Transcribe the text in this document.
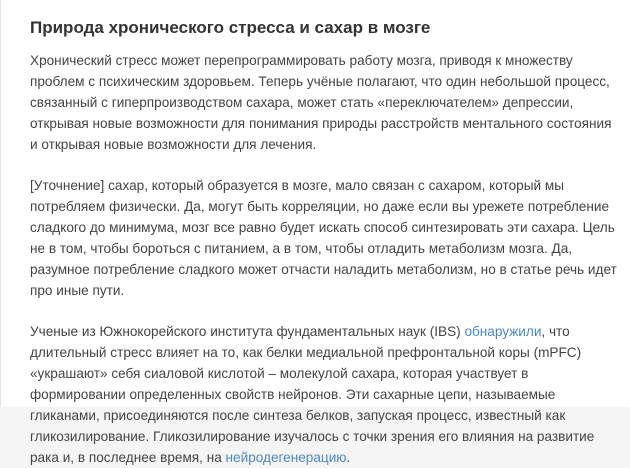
Природа хронического стресса и сахар в мозге

Хронический стресс может перепрограммировать работу мозга, приводя к множеству проблем с психическим здоровьем. Теперь учёные полагают, что один небольшой процесс, связанный с гиперпроизводством сахара, может стать «переключателем» депрессии, открывая новые возможности для понимания природы расстройств ментального состояния и открывая новые возможности для лечения.

[Уточнение] сахар, который образуется в мозге, мало связан с сахаром, который мы потребляем физически. Да, могут быть корреляции, но даже если вы урежете потребление сладкого до минимума, мозг все равно будет искать способ синтезировать эти сахара. Цель не в том, чтобы бороться с питанием, а в том, чтобы отладить метаболизм мозга. Да, разумное потребление сладкого может отчасти наладить метаболизм, но в статье речь идет про иные пути.

Ученые из Южнокорейского института фундаментальных наук (IBS) обнаружили, что длительный стресс влияет на то, как белки медиальной префронтальной коры (mPFC) «украшают» себя сиаловой кислотой – молекулой сахара, которая участвует в формировании определенных свойств нейронов. Эти сахарные цепи, называемые гликанами, присоединяются после синтеза белков, запуская процесс, известный как гликозилирование. Гликозилирование изучалось с точки зрения его влияния на развитие рака и, в последнее время, на нейродегенерацию.
